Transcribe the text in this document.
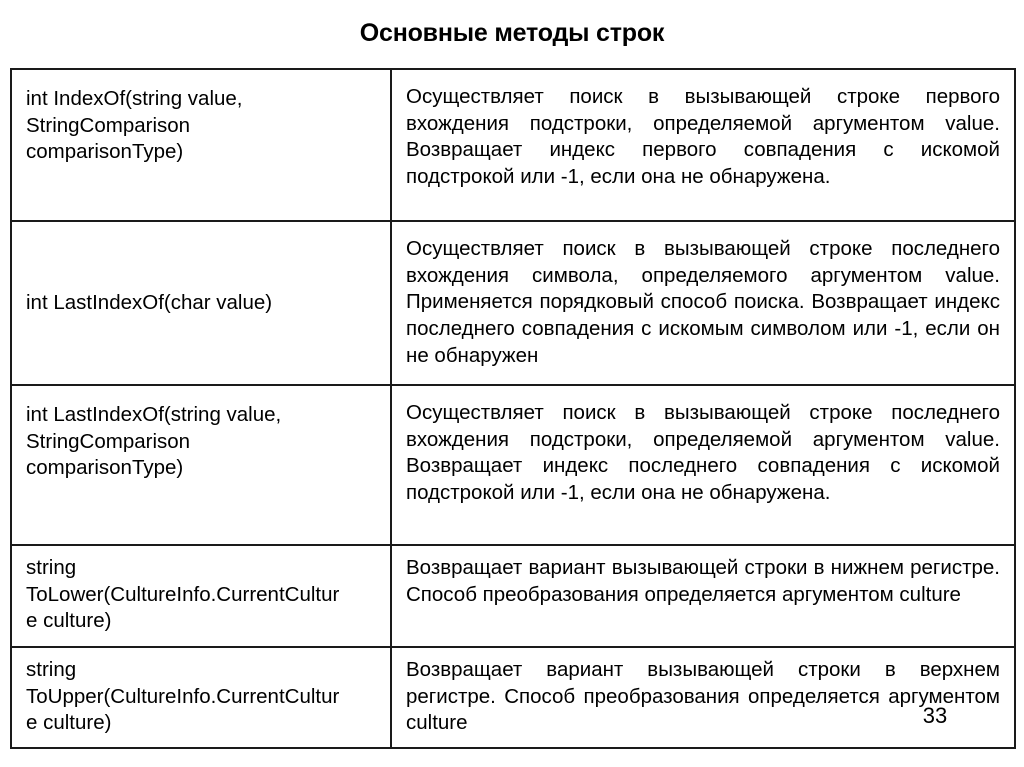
Основные методы строк
int IndexOf(string value,
StringComparison
comparisonType)	Осуществляет поиск в вызывающей строке первого вхождения подстроки, определяемой аргументом value. Возвращает индекс первого совпадения с искомой подстрокой или -1, если она не обнаружена.

int LastIndexOf(char value)	Осуществляет поиск в вызывающей строке последнего вхождения символа, определяемого аргументом value. Применяется порядковый способ поиска. Возвращает индекс последнего совпадения с искомым символом или -1, если он не обнаружен

int LastIndexOf(string value,
StringComparison
comparisonType)	Осуществляет поиск в вызывающей строке последнего вхождения подстроки, определяемой аргументом value. Возвращает индекс последнего совпадения с искомой подстрокой или -1, если она не обнаружена.

string
ToLower(CultureInfo.CurrentCultur
e culture)	Возвращает вариант вызывающей строки в нижнем регистре. Способ преобразования определяется аргументом culture

string
ToUpper(CultureInfo.CurrentCultur
e culture)	Возвращает вариант вызывающей строки в верхнем регистре. Способ преобразования определяется аргументом culture	33
